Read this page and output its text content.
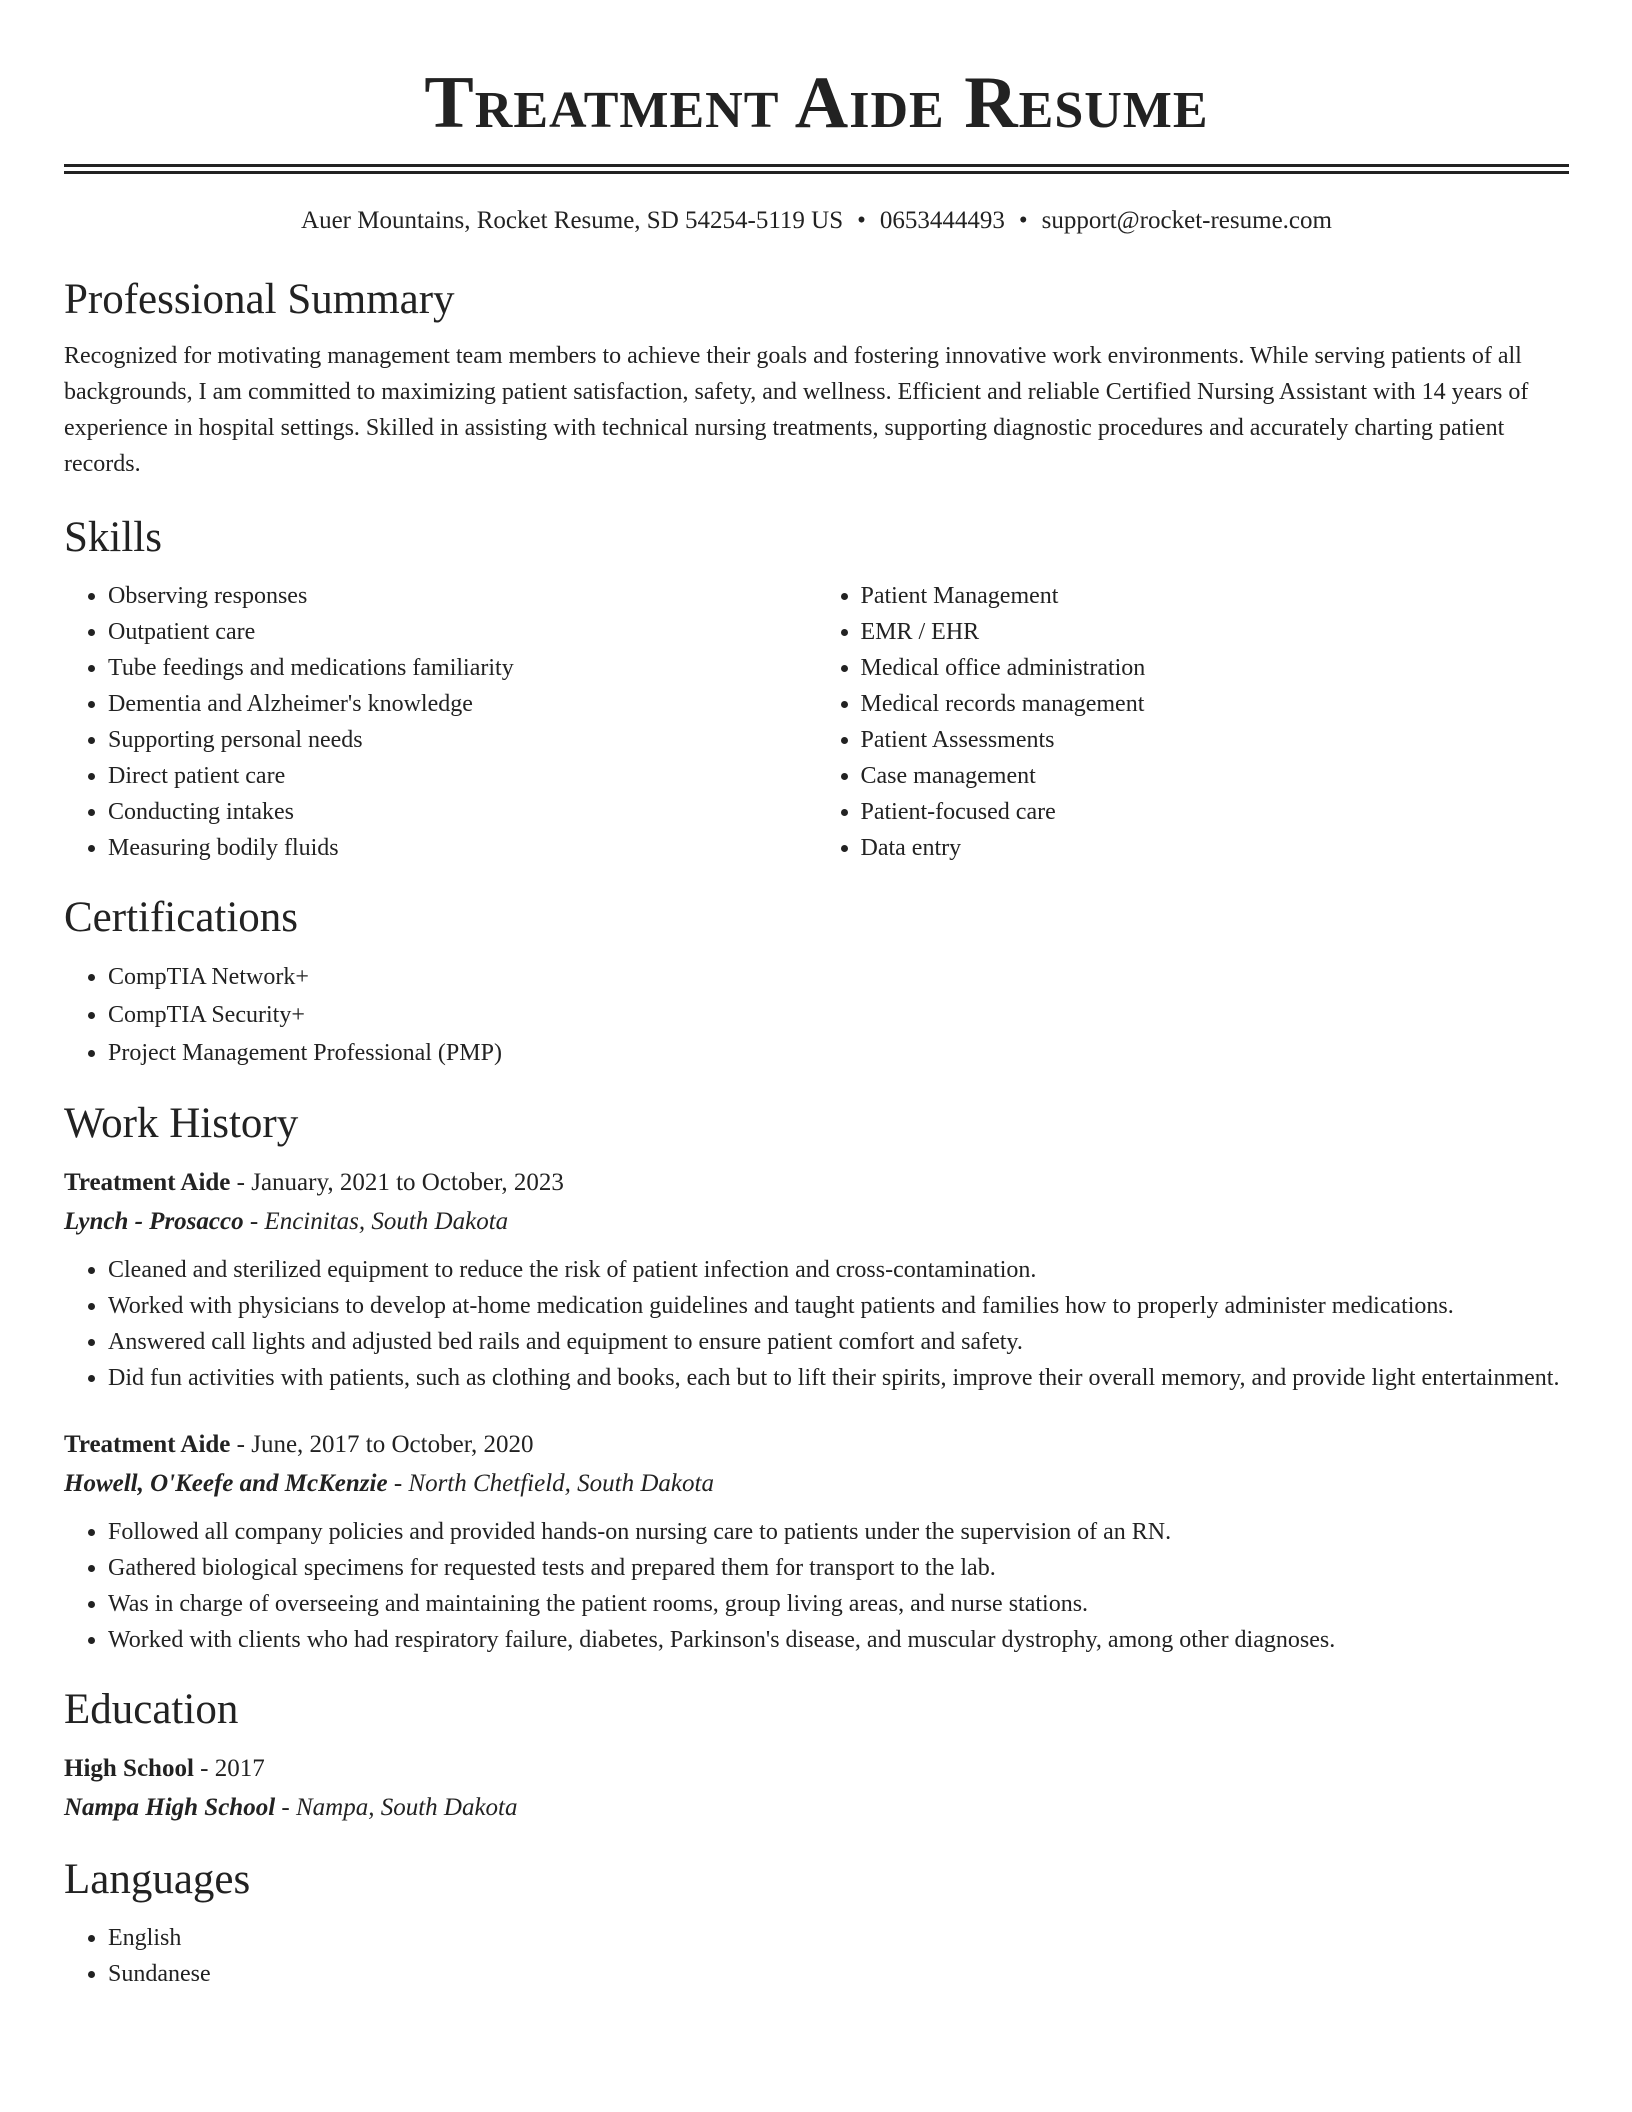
Treatment Aide Resume
Auer Mountains, Rocket Resume, SD 54254-5119 US • 0653444493 • support@rocket-resume.com
Professional Summary

Recognized for motivating management team members to achieve their goals and fostering innovative work environments. While serving patients of all backgrounds, I am committed to maximizing patient satisfaction, safety, and wellness. Efficient and reliable Certified Nursing Assistant with 14 years of experience in hospital settings. Skilled in assisting with technical nursing treatments, supporting diagnostic procedures and accurately charting patient records.

Skills
• Observing responses
• Outpatient care
• Tube feedings and medications familiarity
• Dementia and Alzheimer's knowledge
• Supporting personal needs
• Direct patient care
• Conducting intakes
• Measuring bodily fluids
• Patient Management
• EMR / EHR
• Medical office administration
• Medical records management
• Patient Assessments
• Case management
• Patient-focused care
• Data entry
Certifications
• CompTIA Network+
• CompTIA Security+
• Project Management Professional (PMP)
Work History
Treatment Aide - January, 2021 to October, 2023
Lynch - Prosacco - Encinitas, South Dakota
• Cleaned and sterilized equipment to reduce the risk of patient infection and cross-contamination.
• Worked with physicians to develop at-home medication guidelines and taught patients and families how to properly administer medications.
• Answered call lights and adjusted bed rails and equipment to ensure patient comfort and safety.
• Did fun activities with patients, such as clothing and books, each but to lift their spirits, improve their overall memory, and provide light entertainment.
Treatment Aide - June, 2017 to October, 2020
Howell, O'Keefe and McKenzie - North Chetfield, South Dakota
• Followed all company policies and provided hands-on nursing care to patients under the supervision of an RN.
• Gathered biological specimens for requested tests and prepared them for transport to the lab.
• Was in charge of overseeing and maintaining the patient rooms, group living areas, and nurse stations.
• Worked with clients who had respiratory failure, diabetes, Parkinson's disease, and muscular dystrophy, among other diagnoses.
Education
High School - 2017
Nampa High School - Nampa, South Dakota
Languages
• English
• Sundanese
